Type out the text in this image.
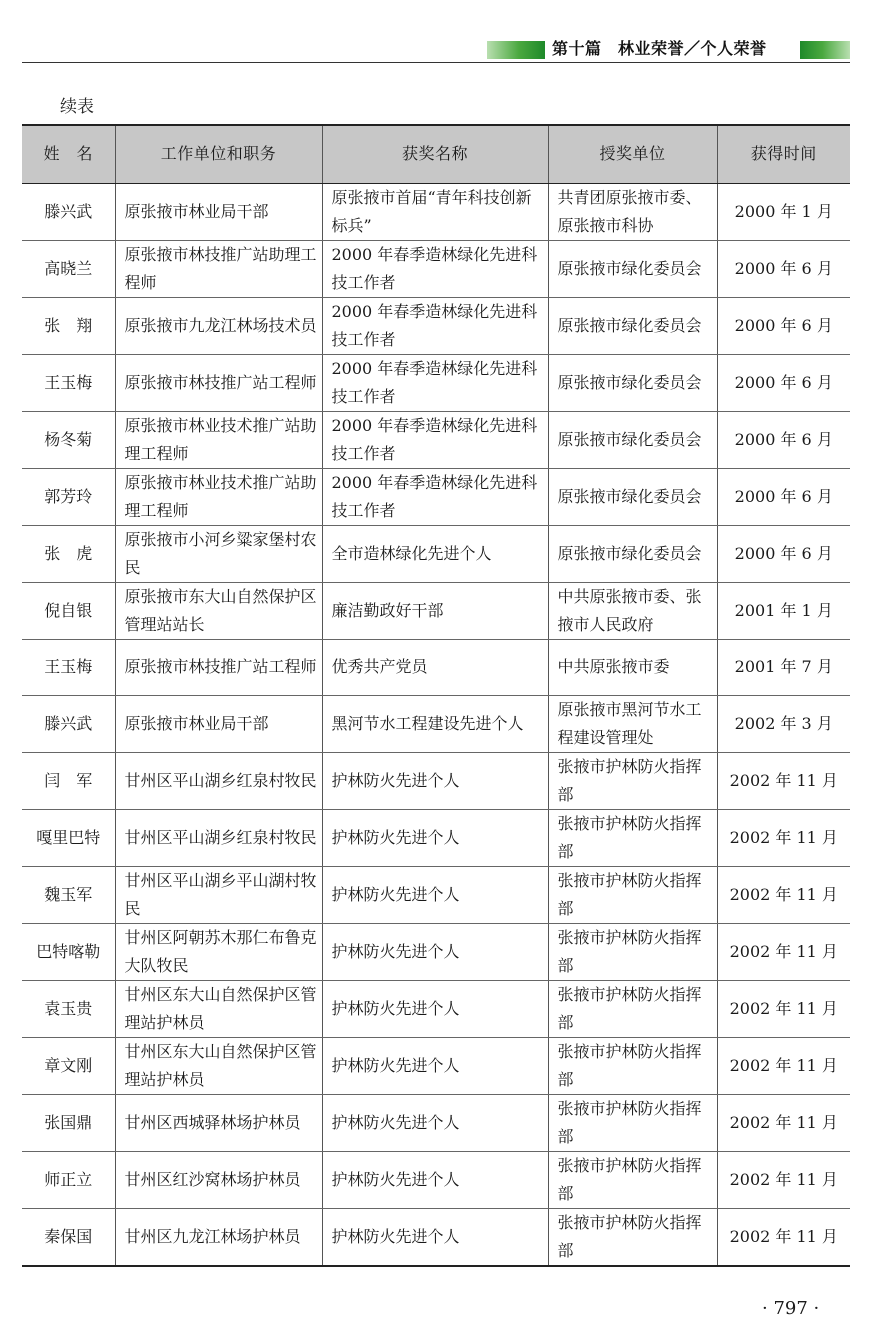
第十篇　林业荣誉／个人荣誉
续表
姓　名	工作单位和职务	获奖名称	授奖单位	获得时间
滕兴武	原张掖市林业局干部	原张掖市首届“青年科技创新标兵”	共青团原张掖市委、原张掖市科协	2000 年 1 月
高晓兰	原张掖市林技推广站助理工程师	2000 年春季造林绿化先进科技工作者	原张掖市绿化委员会	2000 年 6 月
张　翔	原张掖市九龙江林场技术员	2000 年春季造林绿化先进科技工作者	原张掖市绿化委员会	2000 年 6 月
王玉梅	原张掖市林技推广站工程师	2000 年春季造林绿化先进科技工作者	原张掖市绿化委员会	2000 年 6 月
杨冬菊	原张掖市林业技术推广站助理工程师	2000 年春季造林绿化先进科技工作者	原张掖市绿化委员会	2000 年 6 月
郭芳玲	原张掖市林业技术推广站助理工程师	2000 年春季造林绿化先进科技工作者	原张掖市绿化委员会	2000 年 6 月
张　虎	原张掖市小河乡粱家堡村农民	全市造林绿化先进个人	原张掖市绿化委员会	2000 年 6 月
倪自银	原张掖市东大山自然保护区管理站站长	廉洁勤政好干部	中共原张掖市委、张掖市人民政府	2001 年 1 月
王玉梅	原张掖市林技推广站工程师	优秀共产党员	中共原张掖市委	2001 年 7 月
滕兴武	原张掖市林业局干部	黑河节水工程建设先进个人	原张掖市黑河节水工程建设管理处	2002 年 3 月
闫　军	甘州区平山湖乡红泉村牧民	护林防火先进个人	张掖市护林防火指挥部	2002 年 11 月
嘎里巴特	甘州区平山湖乡红泉村牧民	护林防火先进个人	张掖市护林防火指挥部	2002 年 11 月
魏玉军	甘州区平山湖乡平山湖村牧民	护林防火先进个人	张掖市护林防火指挥部	2002 年 11 月
巴特喀勒	甘州区阿朝苏木那仁布鲁克大队牧民	护林防火先进个人	张掖市护林防火指挥部	2002 年 11 月
袁玉贵	甘州区东大山自然保护区管理站护林员	护林防火先进个人	张掖市护林防火指挥部	2002 年 11 月
章文刚	甘州区东大山自然保护区管理站护林员	护林防火先进个人	张掖市护林防火指挥部	2002 年 11 月
张国鼎	甘州区西城驿林场护林员	护林防火先进个人	张掖市护林防火指挥部	2002 年 11 月
师正立	甘州区红沙窝林场护林员	护林防火先进个人	张掖市护林防火指挥部	2002 年 11 月
秦保国	甘州区九龙江林场护林员	护林防火先进个人	张掖市护林防火指挥部	2002 年 11 月
· 797 ·
